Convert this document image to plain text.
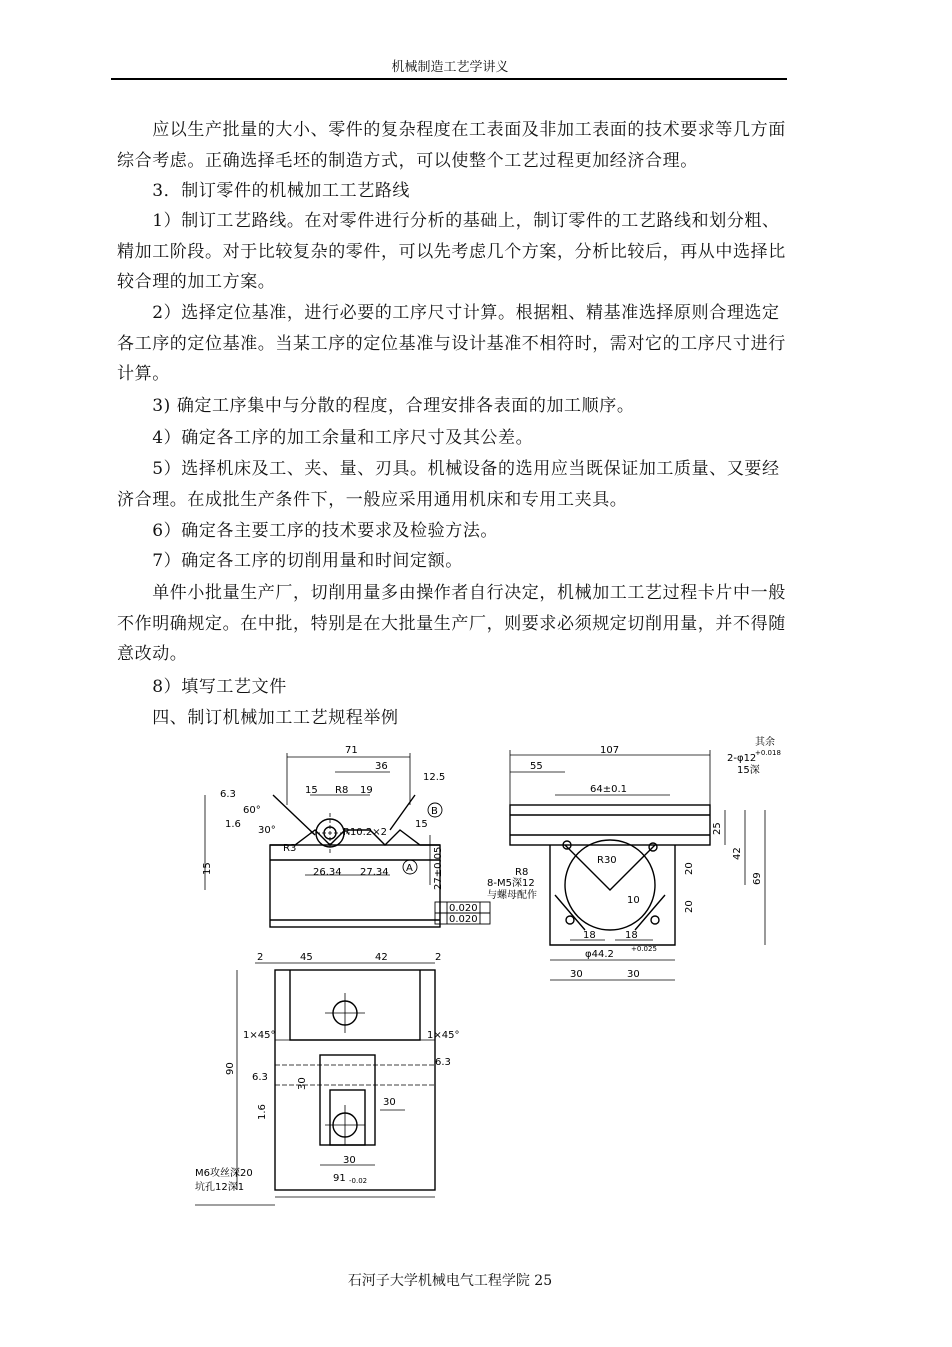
机械制造工艺学讲义

　　应以生产批量的大小、零件的复杂程度在工表面及非加工表面的技术要求等几方面综合考虑。正确选择毛坯的制造方式，可以使整个工艺过程更加经济合理。

　　3．制订零件的机械加工工艺路线

　　1）制订工艺路线。在对零件进行分析的基础上，制订零件的工艺路线和划分粗、精加工阶段。对于比较复杂的零件，可以先考虑几个方案，分析比较后，再从中选择比较合理的加工方案。

　　2）选择定位基准，进行必要的工序尺寸计算。根据粗、精基准选择原则合理选定各工序的定位基准。当某工序的定位基准与设计基准不相符时，需对它的工序尺寸进行计算。

　　3) 确定工序集中与分散的程度，合理安排各表面的加工顺序。

　　4）确定各工序的加工余量和工序尺寸及其公差。

　　5）选择机床及工、夹、量、刃具。机械设备的选用应当既保证加工质量、又要经济合理。在成批生产条件下，一般应采用通用机床和专用工夹具。

　　6）确定各主要工序的技术要求及检验方法。

　　7）确定各工序的切削用量和时间定额。

　　单件小批量生产厂，切削用量多由操作者自行决定，机械加工工艺过程卡片中一般不作明确规定。在中批，特别是在大批量生产厂，则要求必须规定切削用量，并不得随意改动。

　　8）填写工艺文件

　　四、制订机械加工工艺规程举例

71
36
12.5
15 R8 19
6.3
60°
1.6
30°	R10.2×2
R3
26.34 27.34 A
B
15
27±0.05
15
0.020
0.020
107
55
64±0.1
2-φ12
+0.018
15深
其余
25
42
69
R8
R30
8-M5深12
与螺母配作
20
20
10
18	18
φ44.2 +0.025
30	30
2	45	42	2
1×45°	1×45°
90
30
30
1.6
6.3
6.3
30
M6攻丝深20
坑孔12深1
91 -0.02
石河子大学机械电气工程学院 25
